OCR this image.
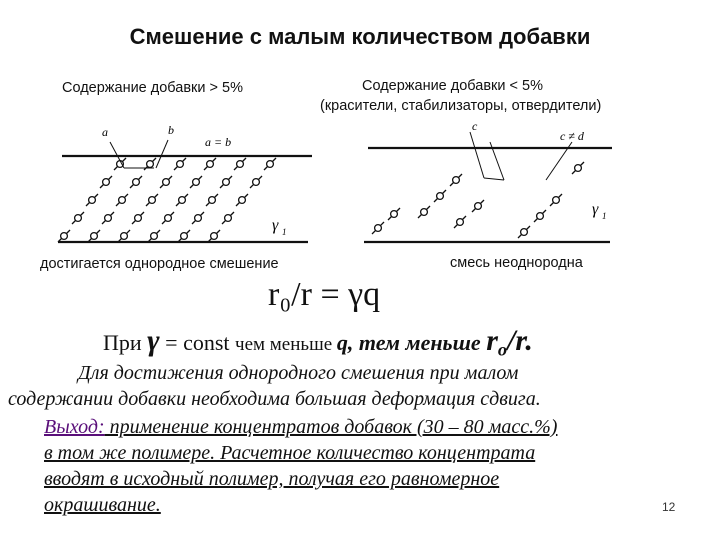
Смешение с малым количеством добавки
Содержание добавки > 5%	Содержание добавки < 5%
(красители, стабилизаторы, отвердители)
a	b
a = b
γ 1
c
c ≠ d
γ 1
достигается однородное смешение	смесь неоднородна
r₀/r = γq
При γ = const чем меньше q, тем меньше $r_o/r$.
Для достижения однородного смешения при малом
содержании добавки необходима большая деформация сдвига.
Выход: применение концентратов добавок (30 – 80 масс.%)
в том же полимере. Расчетное количество концентрата
вводят в исходный полимер, получая его равномерное
окрашивание.	12
